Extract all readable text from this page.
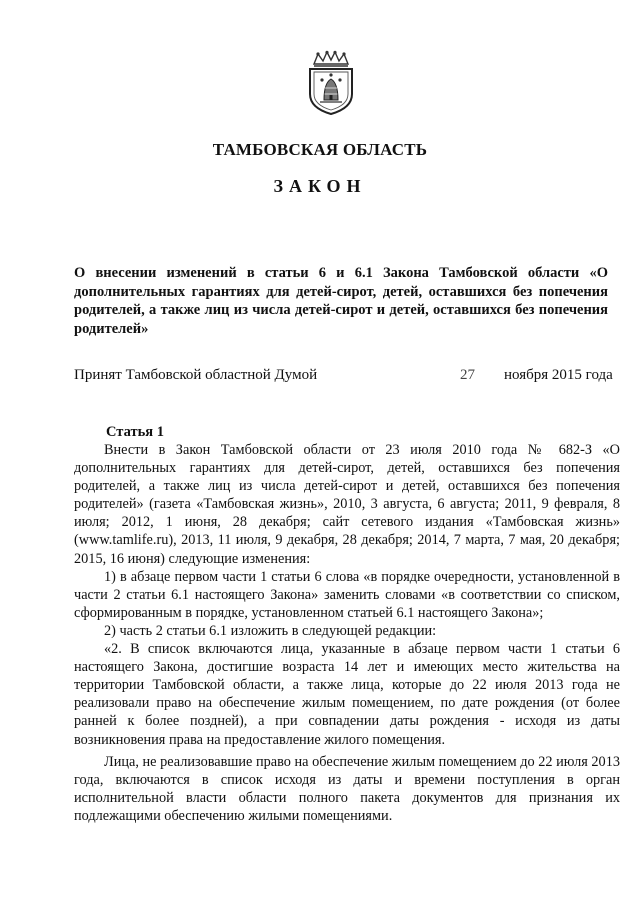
ТАМБОВСКАЯ ОБЛАСТЬ
ЗАКОН
О внесении изменений в статьи 6 и 6.1 Закона Тамбовской области «О дополнительных гарантиях для детей-сирот, детей, оставшихся без попечения родителей, а также лиц из числа детей-сирот и детей, оставшихся без попечения родителей»
Принят Тамбовской областной Думой	27 ноября 2015 года
Статья 1

Внести в Закон Тамбовской области от 23 июля 2010 года № 682-З «О дополнительных гарантиях для детей-сирот, детей, оставшихся без попечения родителей, а также лиц из числа детей-сирот и детей, оставшихся без попечения родителей» (газета «Тамбовская жизнь», 2010, 3 августа, 6 августа; 2011, 9 февраля, 8 июля; 2012, 1 июня, 28 декабря; сайт сетевого издания «Тамбовская жизнь» (www.tamlife.ru), 2013, 11 июля, 9 декабря, 28 декабря; 2014, 7 марта, 7 мая, 20 декабря; 2015, 16 июня) следующие изменения:

1) в абзаце первом части 1 статьи 6 слова «в порядке очередности, установленной в части 2 статьи 6.1 настоящего Закона» заменить словами «в соответствии со списком, сформированным в порядке, установленном статьей 6.1 настоящего Закона»;

2) часть 2 статьи 6.1 изложить в следующей редакции:

«2. В список включаются лица, указанные в абзаце первом части 1 статьи 6 настоящего Закона, достигшие возраста 14 лет и имеющих место жительства на территории Тамбовской области, а также лица, которые до 22 июля 2013 года не реализовали право на обеспечение жилым помещением, по дате рождения (от более ранней к более поздней), а при совпадении даты рождения - исходя из даты возникновения права на предоставление жилого помещения.

Лица, не реализовавшие право на обеспечение жилым помещением до 22 июля 2013 года, включаются в список исходя из даты и времени поступления в орган исполнительной власти области полного пакета документов для признания их подлежащими обеспечению жилыми помещениями.
